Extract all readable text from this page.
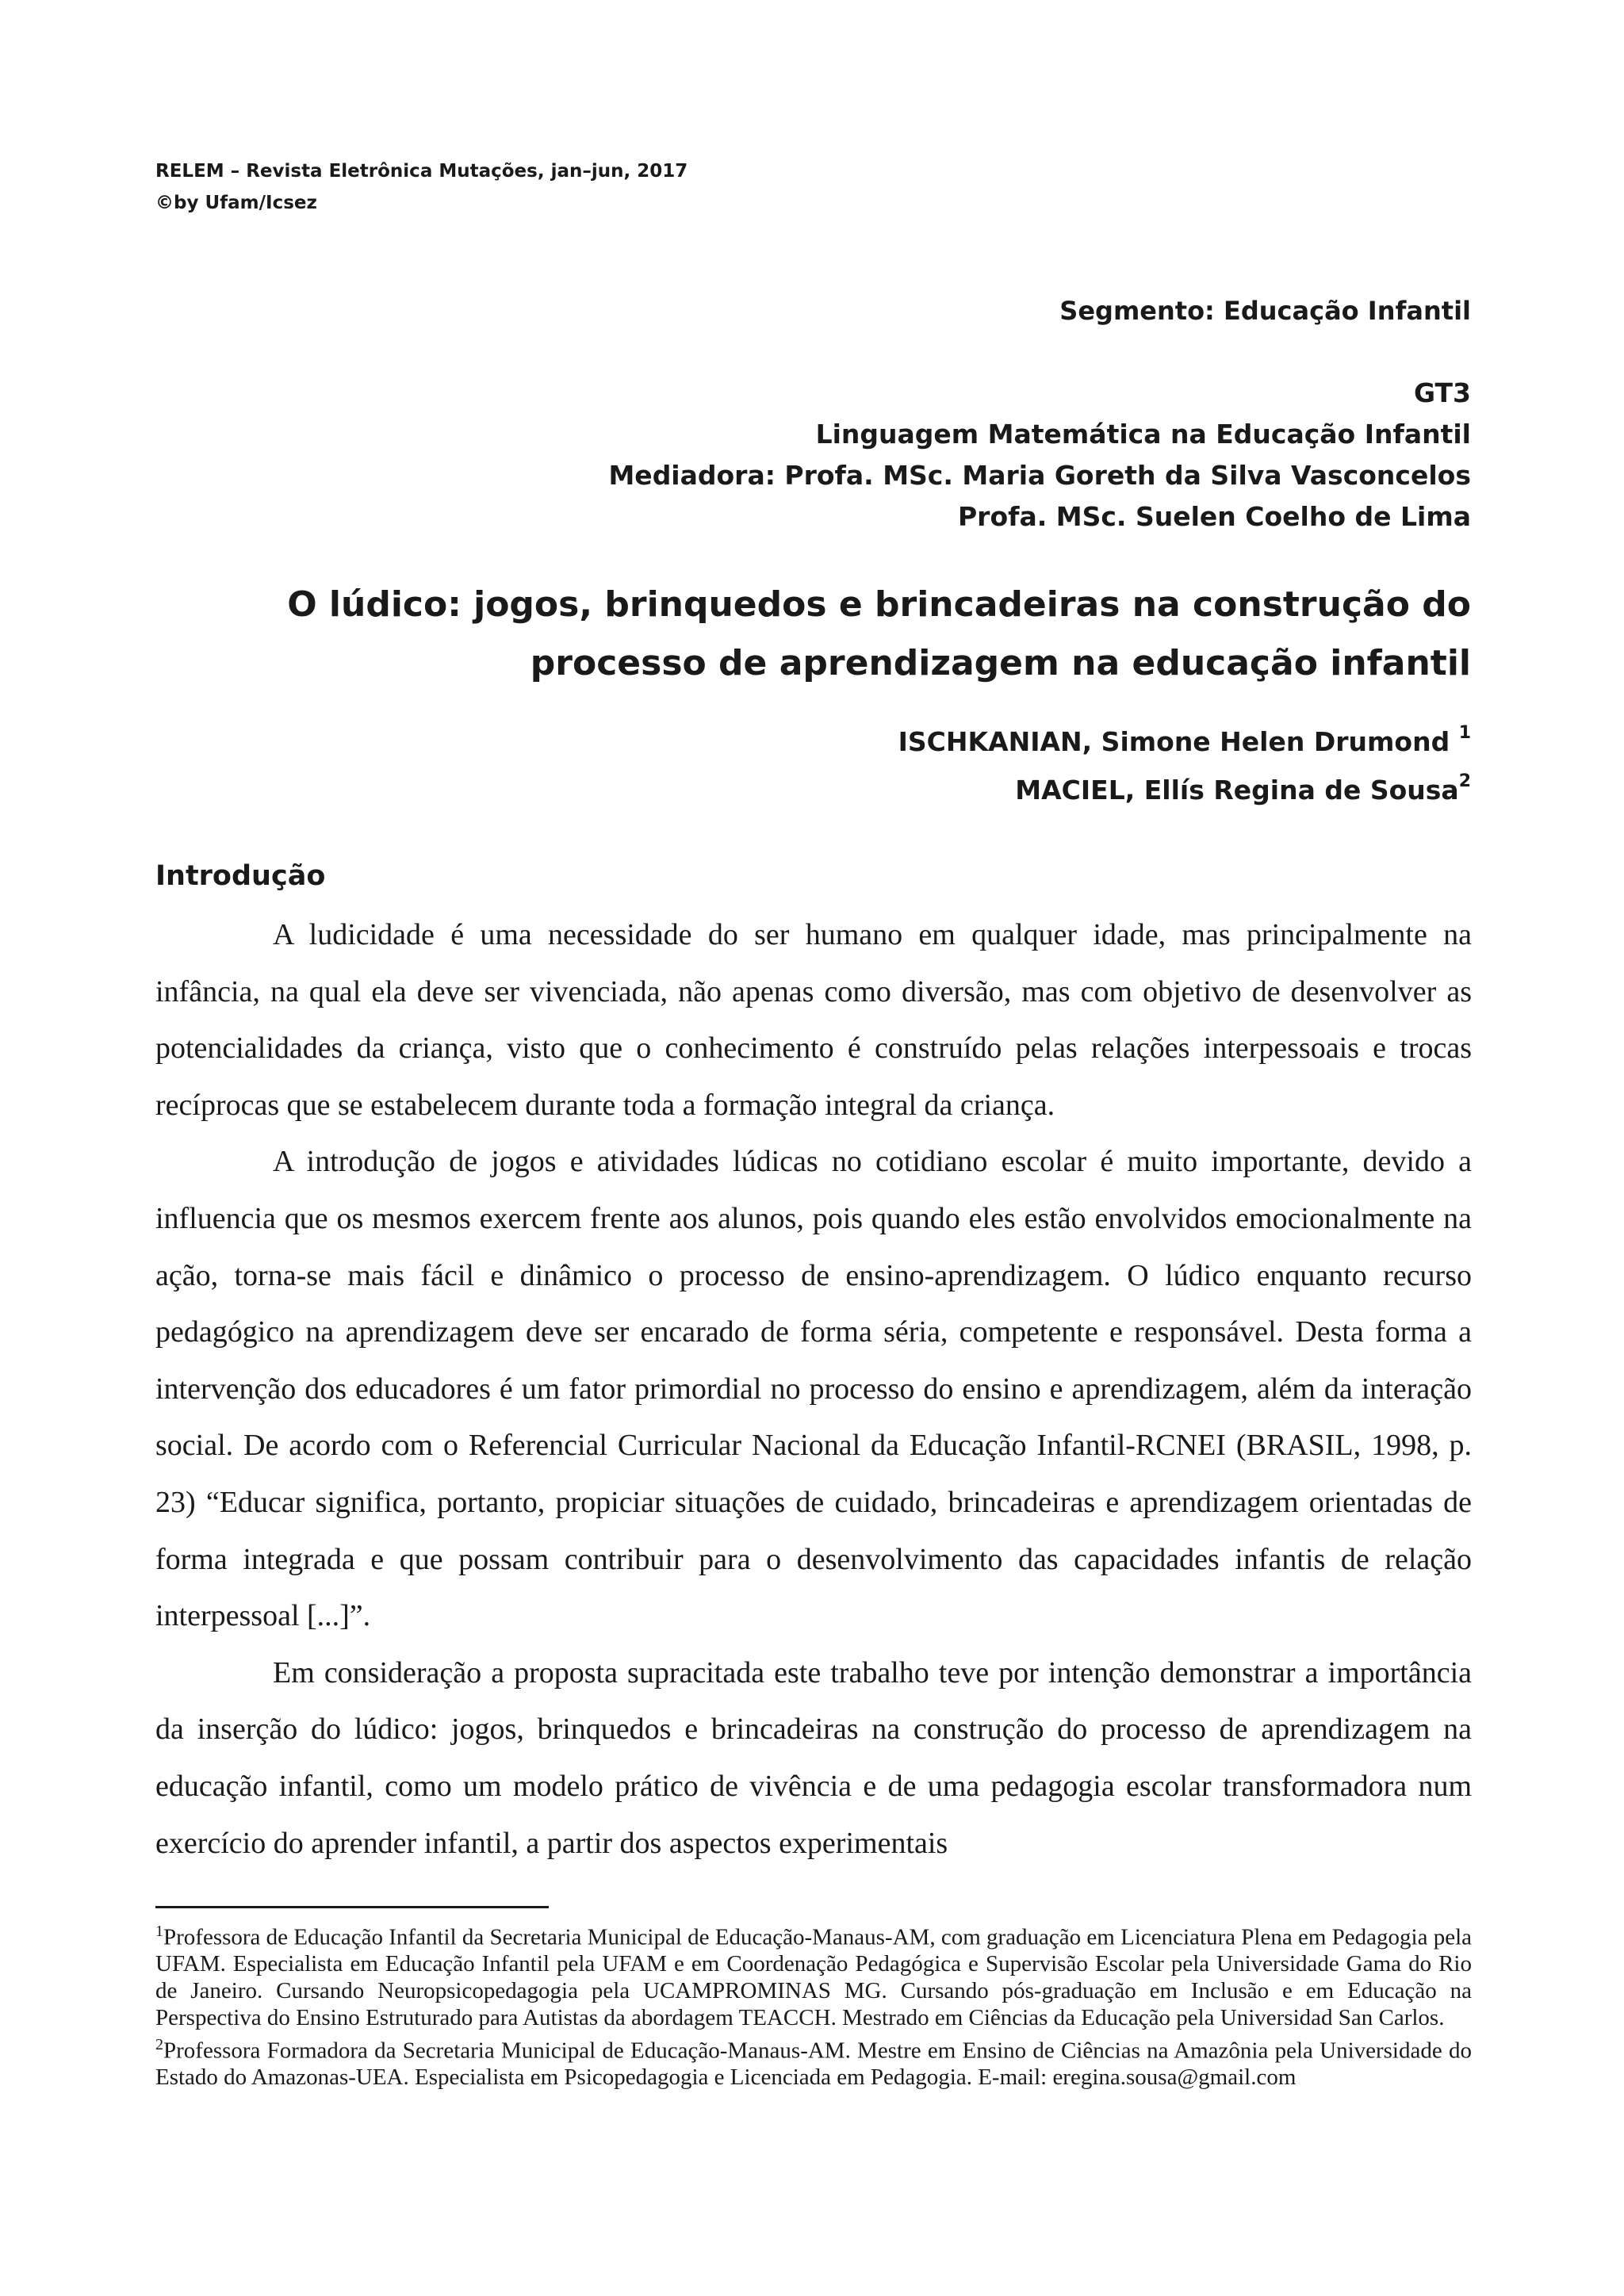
RELEM – Revista Eletrônica Mutações, jan–jun, 2017
©by Ufam/Icsez
Segmento: Educação Infantil
GT3
Linguagem Matemática na Educação Infantil
Mediadora: Profa. MSc. Maria Goreth da Silva Vasconcelos
Profa. MSc. Suelen Coelho de Lima
O lúdico: jogos, brinquedos e brincadeiras na construção do
processo de aprendizagem na educação infantil
ISCHKANIAN, Simone Helen Drumond $^1$
MACIEL, Ellís Regina de Sousa$^2$
Introdução

A ludicidade é uma necessidade do ser humano em qualquer idade, mas principalmente na infância, na qual ela deve ser vivenciada, não apenas como diversão, mas com objetivo de desenvolver as potencialidades da criança, visto que o conhecimento é construído pelas relações interpessoais e trocas recíprocas que se estabelecem durante toda a formação integral da criança.

A introdução de jogos e atividades lúdicas no cotidiano escolar é muito importante, devido a influencia que os mesmos exercem frente aos alunos, pois quando eles estão envolvidos emocionalmente na ação, torna-se mais fácil e dinâmico o processo de ensino-aprendizagem. O lúdico enquanto recurso pedagógico na aprendizagem deve ser encarado de forma séria, competente e responsável. Desta forma a intervenção dos educadores é um fator primordial no processo do ensino e aprendizagem, além da interação social. De acordo com o Referencial Curricular Nacional da Educação Infantil-RCNEI (BRASIL, 1998, p. 23) “Educar significa, portanto, propiciar situações de cuidado, brincadeiras e aprendizagem orientadas de forma integrada e que possam contribuir para o desenvolvimento das capacidades infantis de relação interpessoal [...]”.

Em consideração a proposta supracitada este trabalho teve por intenção demonstrar a importância da inserção do lúdico: jogos, brinquedos e brincadeiras na construção do processo de aprendizagem na educação infantil, como um modelo prático de vivência e de uma pedagogia escolar transformadora num exercício do aprender infantil, a partir dos aspectos experimentais

$^1$Professora de Educação Infantil da Secretaria Municipal de Educação-Manaus-AM, com graduação em Licenciatura Plena em Pedagogia pela UFAM. Especialista em Educação Infantil pela UFAM e em Coordenação Pedagógica e Supervisão Escolar pela Universidade Gama do Rio de Janeiro. Cursando Neuropsicopedagogia pela UCAMPROMINAS MG. Cursando pós-graduação em Inclusão e em Educação na Perspectiva do Ensino Estruturado para Autistas da abordagem TEACCH. Mestrado em Ciências da Educação pela Universidad San Carlos.

$^2$Professora Formadora da Secretaria Municipal de Educação-Manaus-AM. Mestre em Ensino de Ciências na Amazônia pela Universidade do Estado do Amazonas-UEA. Especialista em Psicopedagogia e Licenciada em Pedagogia. E-mail: eregina.sousa@gmail.com
